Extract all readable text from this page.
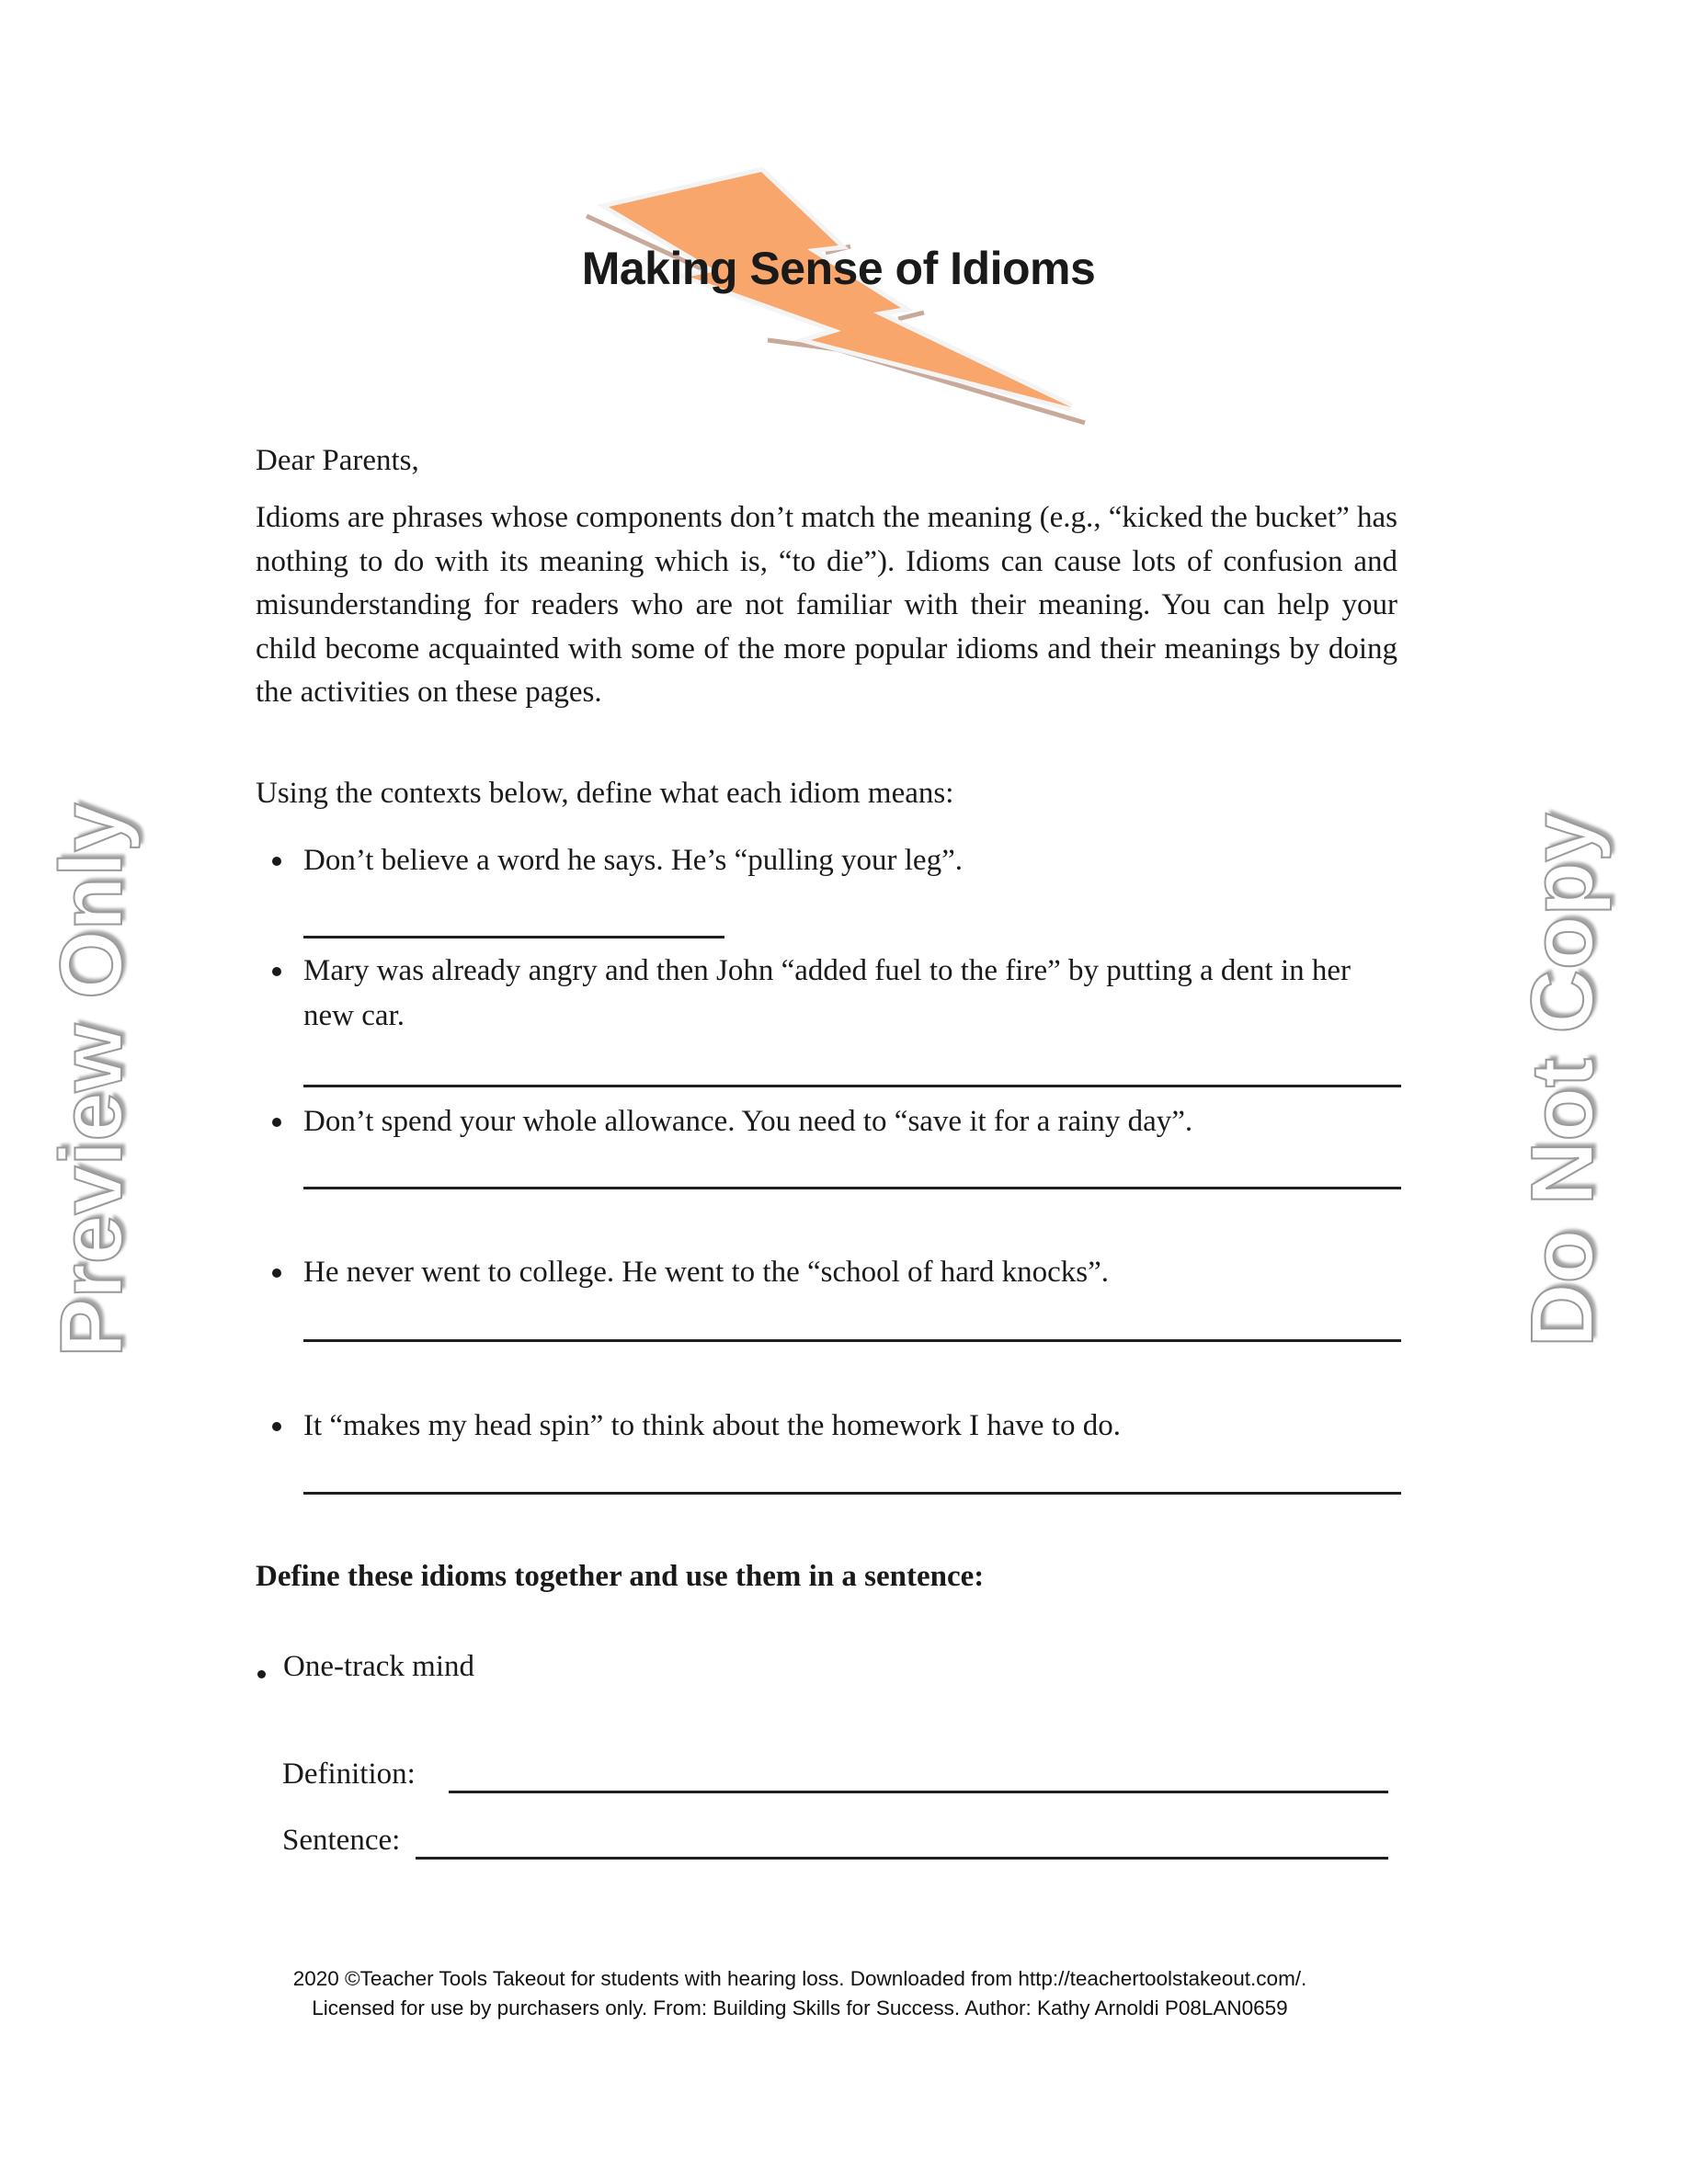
Making Sense of Idioms
Dear Parents,
Idioms are phrases whose components don’t match the meaning (e.g., “kicked the bucket” has nothing to do with its meaning which is, “to die”). Idioms can cause lots of confusion and misunderstanding for readers who are not familiar with their meaning. You can help your child become acquainted with some of the more popular idioms and their meanings by doing the activities on these pages.
Using the contexts below, define what each idiom means:
Don’t believe a word he says. He’s “pulling your leg”.
Mary was already angry and then John “added fuel to the fire” by putting a dent in her new car.
Don’t spend your whole allowance. You need to “save it for a rainy day”.
He never went to college. He went to the “school of hard knocks”.
It “makes my head spin” to think about the homework I have to do.
Define these idioms together and use them in a sentence:
One-track mind
Definition:
Sentence:
2020 ©Teacher Tools Takeout for students with hearing loss. Downloaded from http://teachertoolstakeout.com/.
Licensed for use by purchasers only. From: Building Skills for Success. Author: Kathy Arnoldi P08LAN0659
Preview Only	Do Not Copy
